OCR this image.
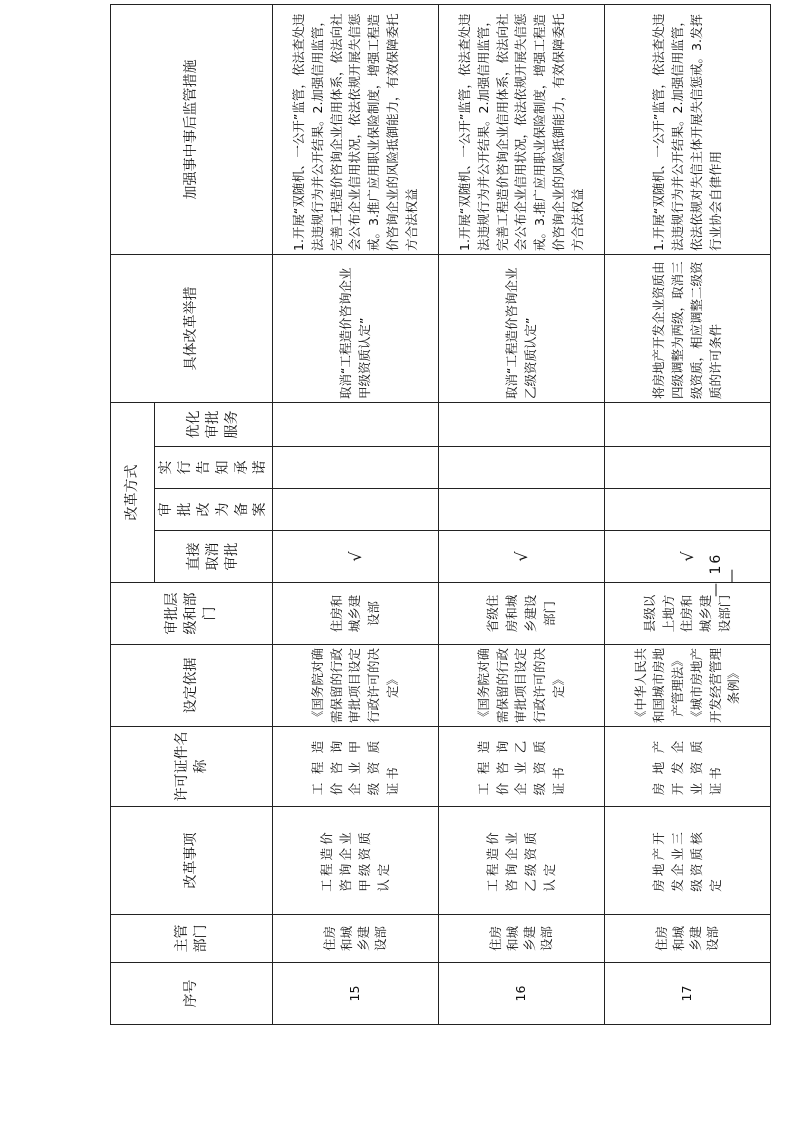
序号	主管部门	改革事项	许可证件名称	设定依据	审批层级和部门	改革方式				具体改革举措	加强事中事后监管措施

						直接取消审批	审批改为备案	实行告知承诺	优化审批服务		

15	住房和城乡建设部	工程造价咨询企业甲级资质认定	工程造价咨询企业甲级资质证书	《国务院对确需保留的行政审批项目设定行政许可的决定》	住房和城乡建设部	√				取消“工程造价咨询企业甲级资质认定”	1.开展“双随机、一公开”监管，依法查处违法违规行为并公开结果。2.加强信用监管，完善工程造价咨询企业信用体系，依法向社会公布企业信用状况，依法依规开展失信惩戒。3.推广应用职业保险制度，增强工程造价咨询企业的风险抵御能力，有效保障委托方合法权益
16	住房和城乡建设部	工程造价咨询企业乙级资质认定	工程造价咨询企业乙级资质证书	《国务院对确需保留的行政审批项目设定行政许可的决定》	省级住房和城乡建设部门	√				取消“工程造价咨询企业乙级资质认定”	1.开展“双随机、一公开”监管，依法查处违法违规行为并公开结果。2.加强信用监管，完善工程造价咨询企业信用体系，依法向社会公布企业信用状况，依法依规开展失信惩戒。3.推广应用职业保险制度，增强工程造价咨询企业的风险抵御能力，有效保障委托方合法权益
17	住房和城乡建设部	房地产开发企业三级资质核定	房地产开发企业资质证书	《中华人民共和国城市房地产管理法》《城市房地产开发经营管理条例》	县级以上地方住房和城乡建设部门	√				将房地产开发企业资质由四级调整为两级，取消三级资质，相应调整二级资质的许可条件	1.开展“双随机、一公开”监管，依法查处违法违规行为并公开结果。2.加强信用监管，依法依规对失信主体开展失信惩戒。3.发挥行业协会自律作用
— 16 —
